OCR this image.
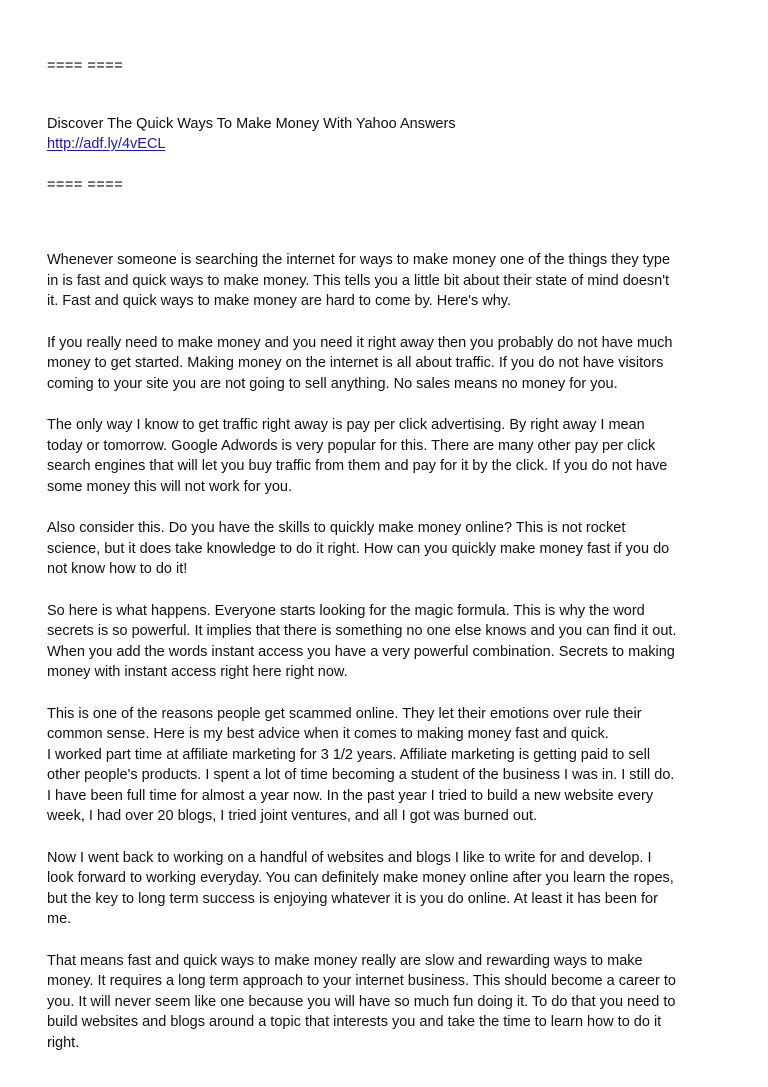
==== ====
Discover The Quick Ways To Make Money With Yahoo Answers
http://adf.ly/4vECL
==== ====

Whenever someone is searching the internet for ways to make money one of the things they type
in is fast and quick ways to make money. This tells you a little bit about their state of mind doesn't
it. Fast and quick ways to make money are hard to come by. Here's why.

If you really need to make money and you need it right away then you probably do not have much
money to get started. Making money on the internet is all about traffic. If you do not have visitors
coming to your site you are not going to sell anything. No sales means no money for you.

The only way I know to get traffic right away is pay per click advertising. By right away I mean
today or tomorrow. Google Adwords is very popular for this. There are many other pay per click
search engines that will let you buy traffic from them and pay for it by the click. If you do not have
some money this will not work for you.

Also consider this. Do you have the skills to quickly make money online? This is not rocket
science, but it does take knowledge to do it right. How can you quickly make money fast if you do
not know how to do it!

So here is what happens. Everyone starts looking for the magic formula. This is why the word
secrets is so powerful. It implies that there is something no one else knows and you can find it out.
When you add the words instant access you have a very powerful combination. Secrets to making
money with instant access right here right now.

This is one of the reasons people get scammed online. They let their emotions over rule their
common sense. Here is my best advice when it comes to making money fast and quick.
I worked part time at affiliate marketing for 3 1/2 years. Affiliate marketing is getting paid to sell
other people's products. I spent a lot of time becoming a student of the business I was in. I still do.
I have been full time for almost a year now. In the past year I tried to build a new website every
week, I had over 20 blogs, I tried joint ventures, and all I got was burned out.

Now I went back to working on a handful of websites and blogs I like to write for and develop. I
look forward to working everyday. You can definitely make money online after you learn the ropes,
but the key to long term success is enjoying whatever it is you do online. At least it has been for
me.

That means fast and quick ways to make money really are slow and rewarding ways to make
money. It requires a long term approach to your internet business. This should become a career to
you. It will never seem like one because you will have so much fun doing it. To do that you need to
build websites and blogs around a topic that interests you and take the time to learn how to do it
right.
